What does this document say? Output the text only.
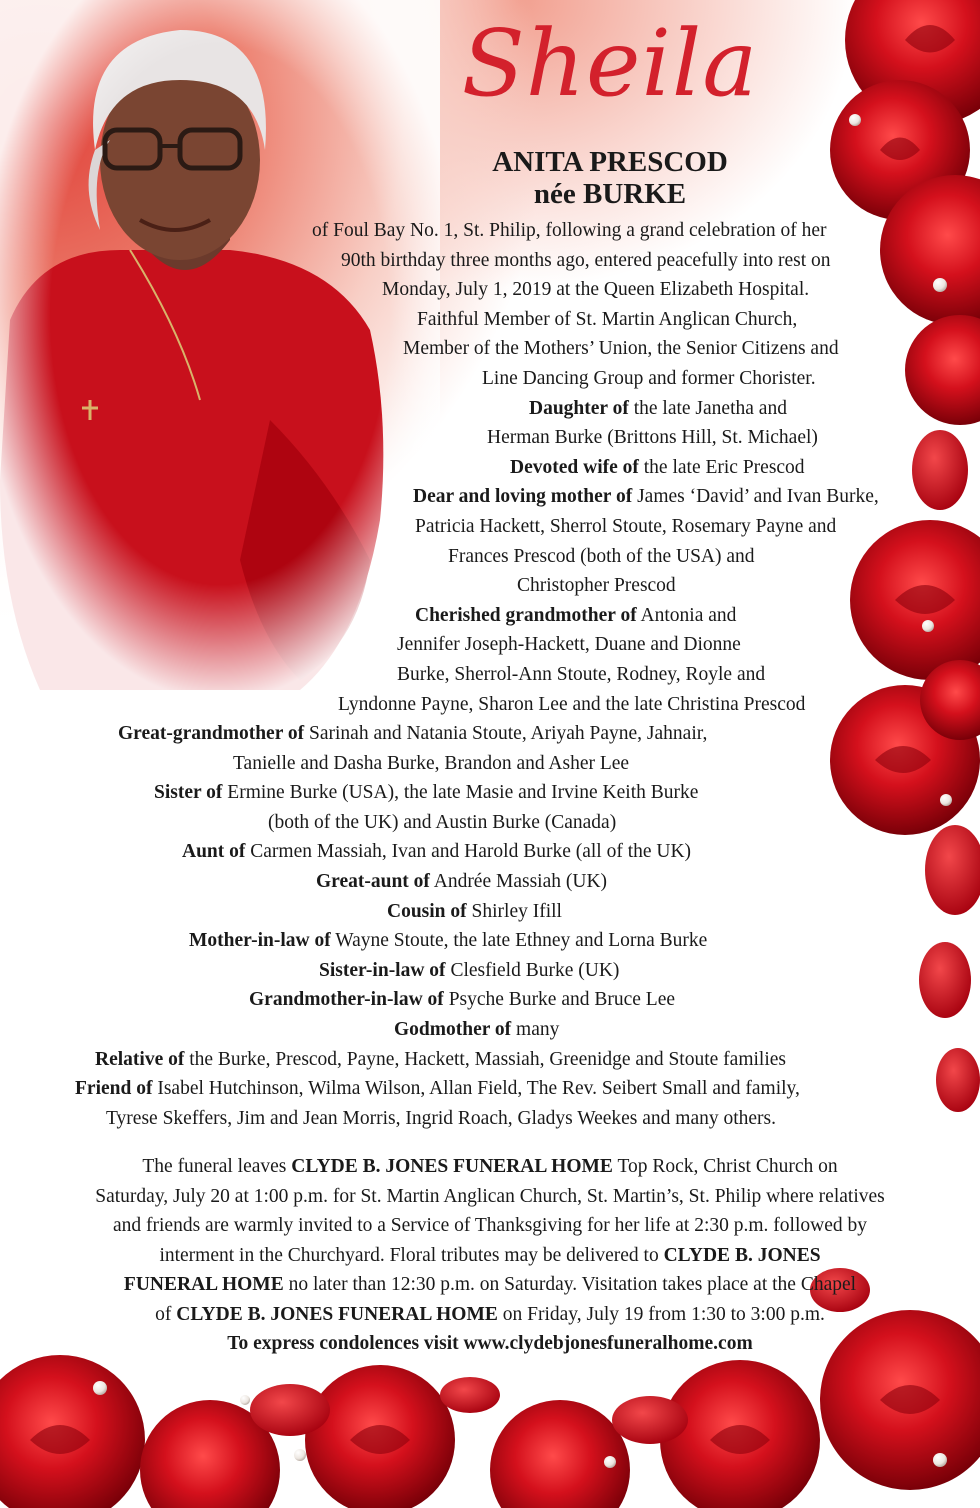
Sheila
ANITA PRESCOD
née BURKE
of Foul Bay No. 1, St. Philip, following a grand celebration of her
90th birthday three months ago, entered peacefully into rest on
Monday, July 1, 2019 at the Queen Elizabeth Hospital.
Faithful Member of St. Martin Anglican Church,
Member of the Mothers’ Union, the Senior Citizens and
Line Dancing Group and former Chorister.
Daughter of the late Janetha and
Herman Burke (Brittons Hill, St. Michael)
Devoted wife of the late Eric Prescod
Dear and loving mother of James ‘David’ and Ivan Burke,
Patricia Hackett, Sherrol Stoute, Rosemary Payne and
Frances Prescod (both of the USA) and
Christopher Prescod
Cherished grandmother of Antonia and
Jennifer Joseph-Hackett, Duane and Dionne
Burke, Sherrol-Ann Stoute, Rodney, Royle and
Lyndonne Payne, Sharon Lee and the late Christina Prescod
Great-grandmother of Sarinah and Natania Stoute, Ariyah Payne, Jahnair,
Tanielle and Dasha Burke, Brandon and Asher Lee
Sister of Ermine Burke (USA), the late Masie and Irvine Keith Burke
(both of the UK) and Austin Burke (Canada)
Aunt of Carmen Massiah, Ivan and Harold Burke (all of the UK)
Great-aunt of Andrée Massiah (UK)
Cousin of Shirley Ifill
Mother-in-law of Wayne Stoute, the late Ethney and Lorna Burke
Sister-in-law of Clesfield Burke (UK)
Grandmother-in-law of Psyche Burke and Bruce Lee
Godmother of many
Relative of the Burke, Prescod, Payne, Hackett, Massiah, Greenidge and Stoute families
Friend of Isabel Hutchinson, Wilma Wilson, Allan Field, The Rev. Seibert Small and family,
Tyrese Skeffers, Jim and Jean Morris, Ingrid Roach, Gladys Weekes and many others.
The funeral leaves CLYDE B. JONES FUNERAL HOME Top Rock, Christ Church on
Saturday, July 20 at 1:00 p.m. for St. Martin Anglican Church, St. Martin’s, St. Philip where relatives
and friends are warmly invited to a Service of Thanksgiving for her life at 2:30 p.m. followed by
interment in the Churchyard. Floral tributes may be delivered to CLYDE B. JONES
FUNERAL HOME no later than 12:30 p.m. on Saturday. Visitation takes place at the Chapel
of CLYDE B. JONES FUNERAL HOME on Friday, July 19 from 1:30 to 3:00 p.m.
To express condolences visit www.clydebjonesfuneralhome.com
